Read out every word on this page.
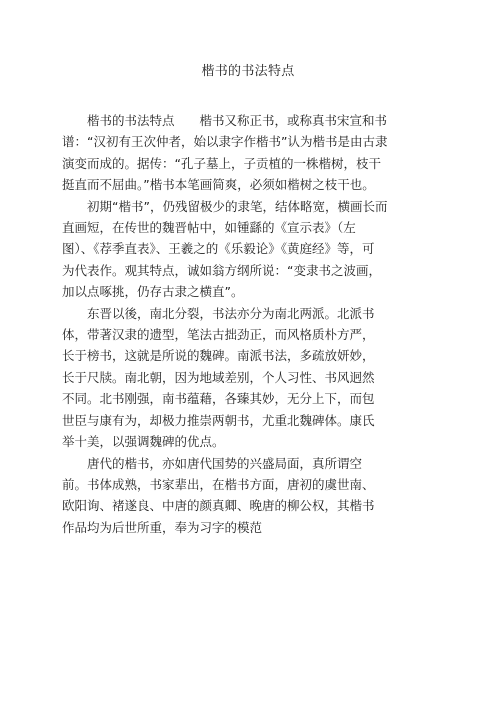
楷书的书法特点

楷书的书法特点　　楷书又称正书，或称真书宋宣和书
谱：“汉初有王次仲者，始以隶字作楷书”认为楷书是由古隶
演变而成的。据传：“孔子墓上，子贡植的一株楷树，枝干
挺直而不屈曲。”楷书本笔画简爽，必须如楷树之枝干也。

初期“楷书”，仍残留极少的隶笔，结体略宽，横画长而
直画短，在传世的魏晋帖中，如锺繇的《宣示表》（左
图）、《荐季直表》、王羲之的《乐毅论》《黄庭经》等，可
为代表作。观其特点，诚如翁方纲所说：“变隶书之波画，
加以点啄挑，仍存古隶之横直”。

东晋以後，南北分裂，书法亦分为南北两派。北派书
体，带著汉隶的遗型，笔法古拙劲正，而风格质朴方严，
长于榜书，这就是所说的魏碑。南派书法，多疏放妍妙，
长于尺牍。南北朝，因为地域差别，个人习性、书风迥然
不同。北书刚强，南书蕴藉，各臻其妙，无分上下，而包
世臣与康有为，却极力推崇两朝书，尤重北魏碑体。康氏
举十美，以强调魏碑的优点。

唐代的楷书，亦如唐代国势的兴盛局面，真所谓空
前。书体成熟，书家辈出，在楷书方面，唐初的虞世南、
欧阳询、褚遂良、中唐的颜真卿、晚唐的柳公权，其楷书
作品均为后世所重，奉为习字的模范
